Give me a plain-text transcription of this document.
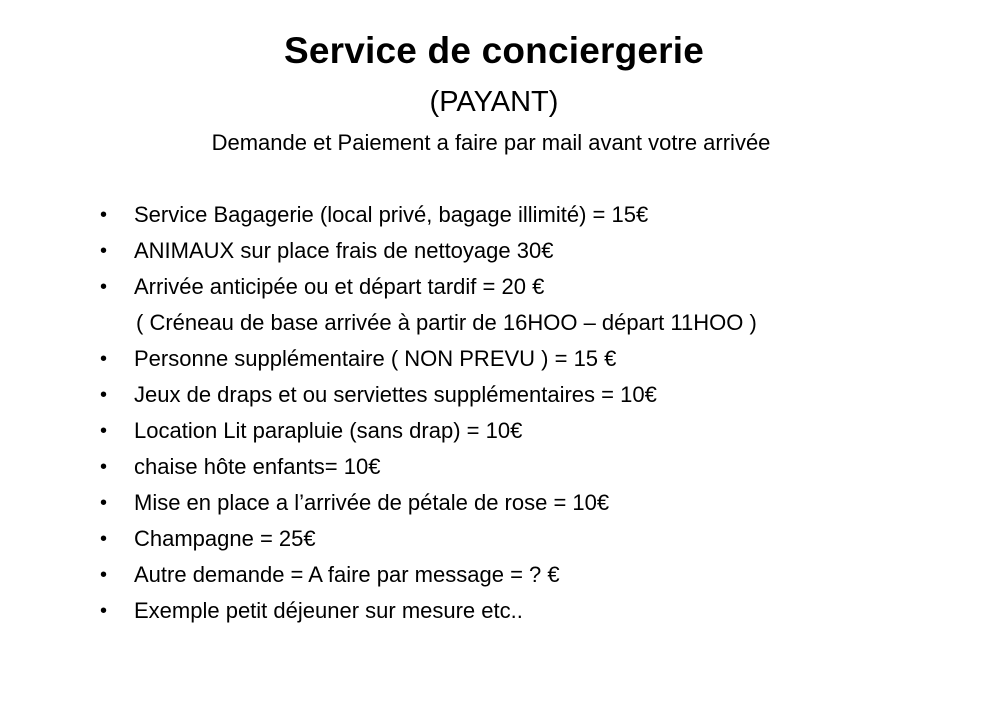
Service de conciergerie
(PAYANT)
Demande et Paiement a faire par mail avant votre arrivée
• Service Bagagerie (local privé, bagage illimité) = 15€
• ANIMAUX sur place frais de nettoyage 30€
• Arrivée anticipée ou et départ tardif = 20 €
( Créneau de base arrivée à partir de 16HOO – départ 11HOO )
• Personne supplémentaire ( NON PREVU ) = 15 €
• Jeux de draps et ou serviettes supplémentaires = 10€
• Location Lit parapluie (sans drap) = 10€
• chaise hôte enfants= 10€
• Mise en place a l’arrivée de pétale de rose = 10€
• Champagne = 25€
• Autre demande = A faire par message = ? €
• Exemple petit déjeuner sur mesure etc..
